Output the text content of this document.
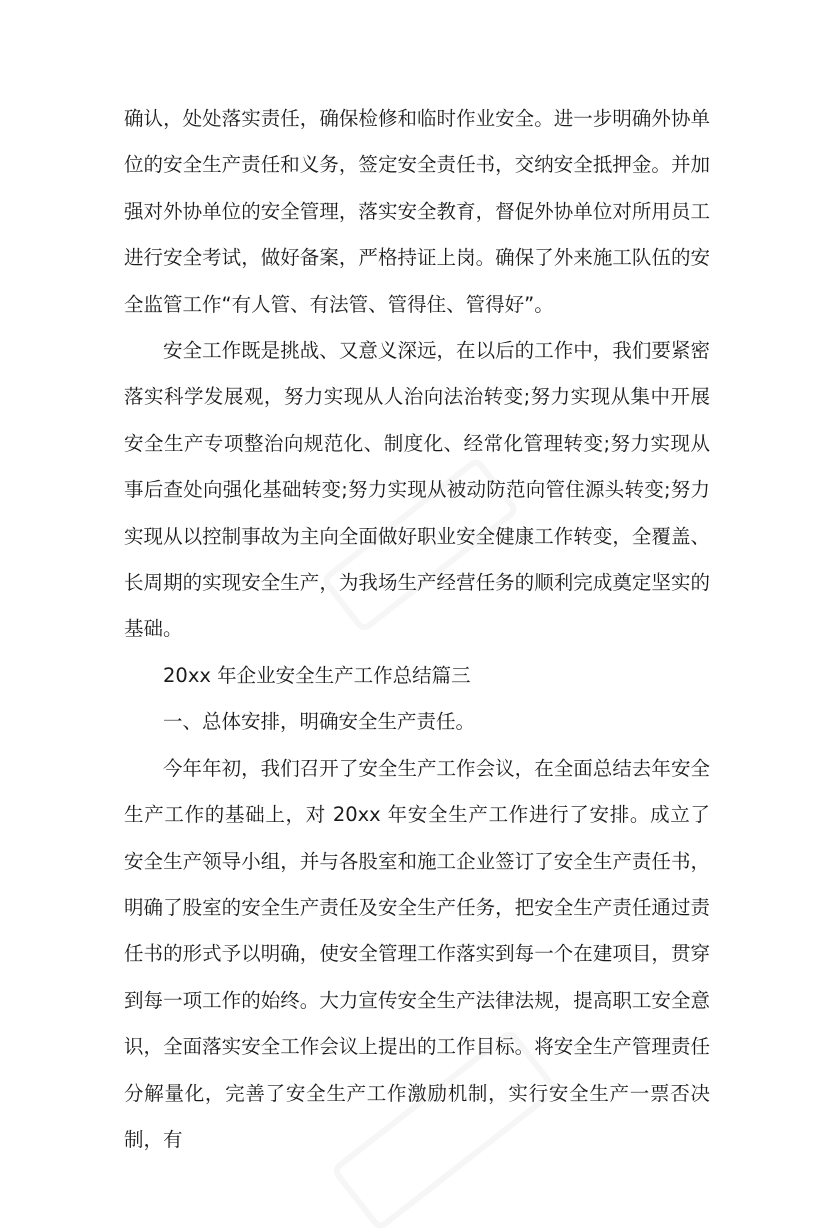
确认，处处落实责任，确保检修和临时作业安全。进一步明确外协单位的安全生产责任和义务，签定安全责任书，交纳安全抵押金。并加强对外协单位的安全管理，落实安全教育，督促外协单位对所用员工进行安全考试，做好备案，严格持证上岗。确保了外来施工队伍的安全监管工作“有人管、有法管、管得住、管得好”。

安全工作既是挑战、又意义深远，在以后的工作中，我们要紧密落实科学发展观，努力实现从人治向法治转变;努力实现从集中开展安全生产专项整治向规范化、制度化、经常化管理转变;努力实现从事后查处向强化基础转变;努力实现从被动防范向管住源头转变;努力实现从以控制事故为主向全面做好职业安全健康工作转变，全覆盖、长周期的实现安全生产，为我场生产经营任务的顺利完成奠定坚实的基础。

20xx 年企业安全生产工作总结篇三

一、总体安排，明确安全生产责任。

今年年初，我们召开了安全生产工作会议，在全面总结去年安全生产工作的基础上，对 20xx 年安全生产工作进行了安排。成立了安全生产领导小组，并与各股室和施工企业签订了安全生产责任书，明确了股室的安全生产责任及安全生产任务，把安全生产责任通过责任书的形式予以明确，使安全管理工作落实到每一个在建项目，贯穿到每一项工作的始终。大力宣传安全生产法律法规，提高职工安全意识，全面落实安全工作会议上提出的工作目标。将安全生产管理责任分解量化，完善了安全生产工作激励机制，实行安全生产一票否决制，有
